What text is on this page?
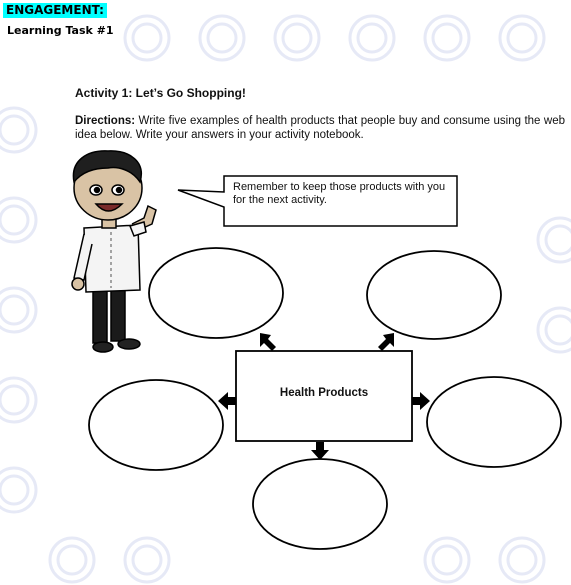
ENGAGEMENT:
Learning Task #1
Activity 1: Let’s Go Shopping!
Directions: Write five examples of health products that people buy and consume using the web idea below. Write your answers in your activity notebook.
Remember to keep those products with you for the next activity.
Health Products
